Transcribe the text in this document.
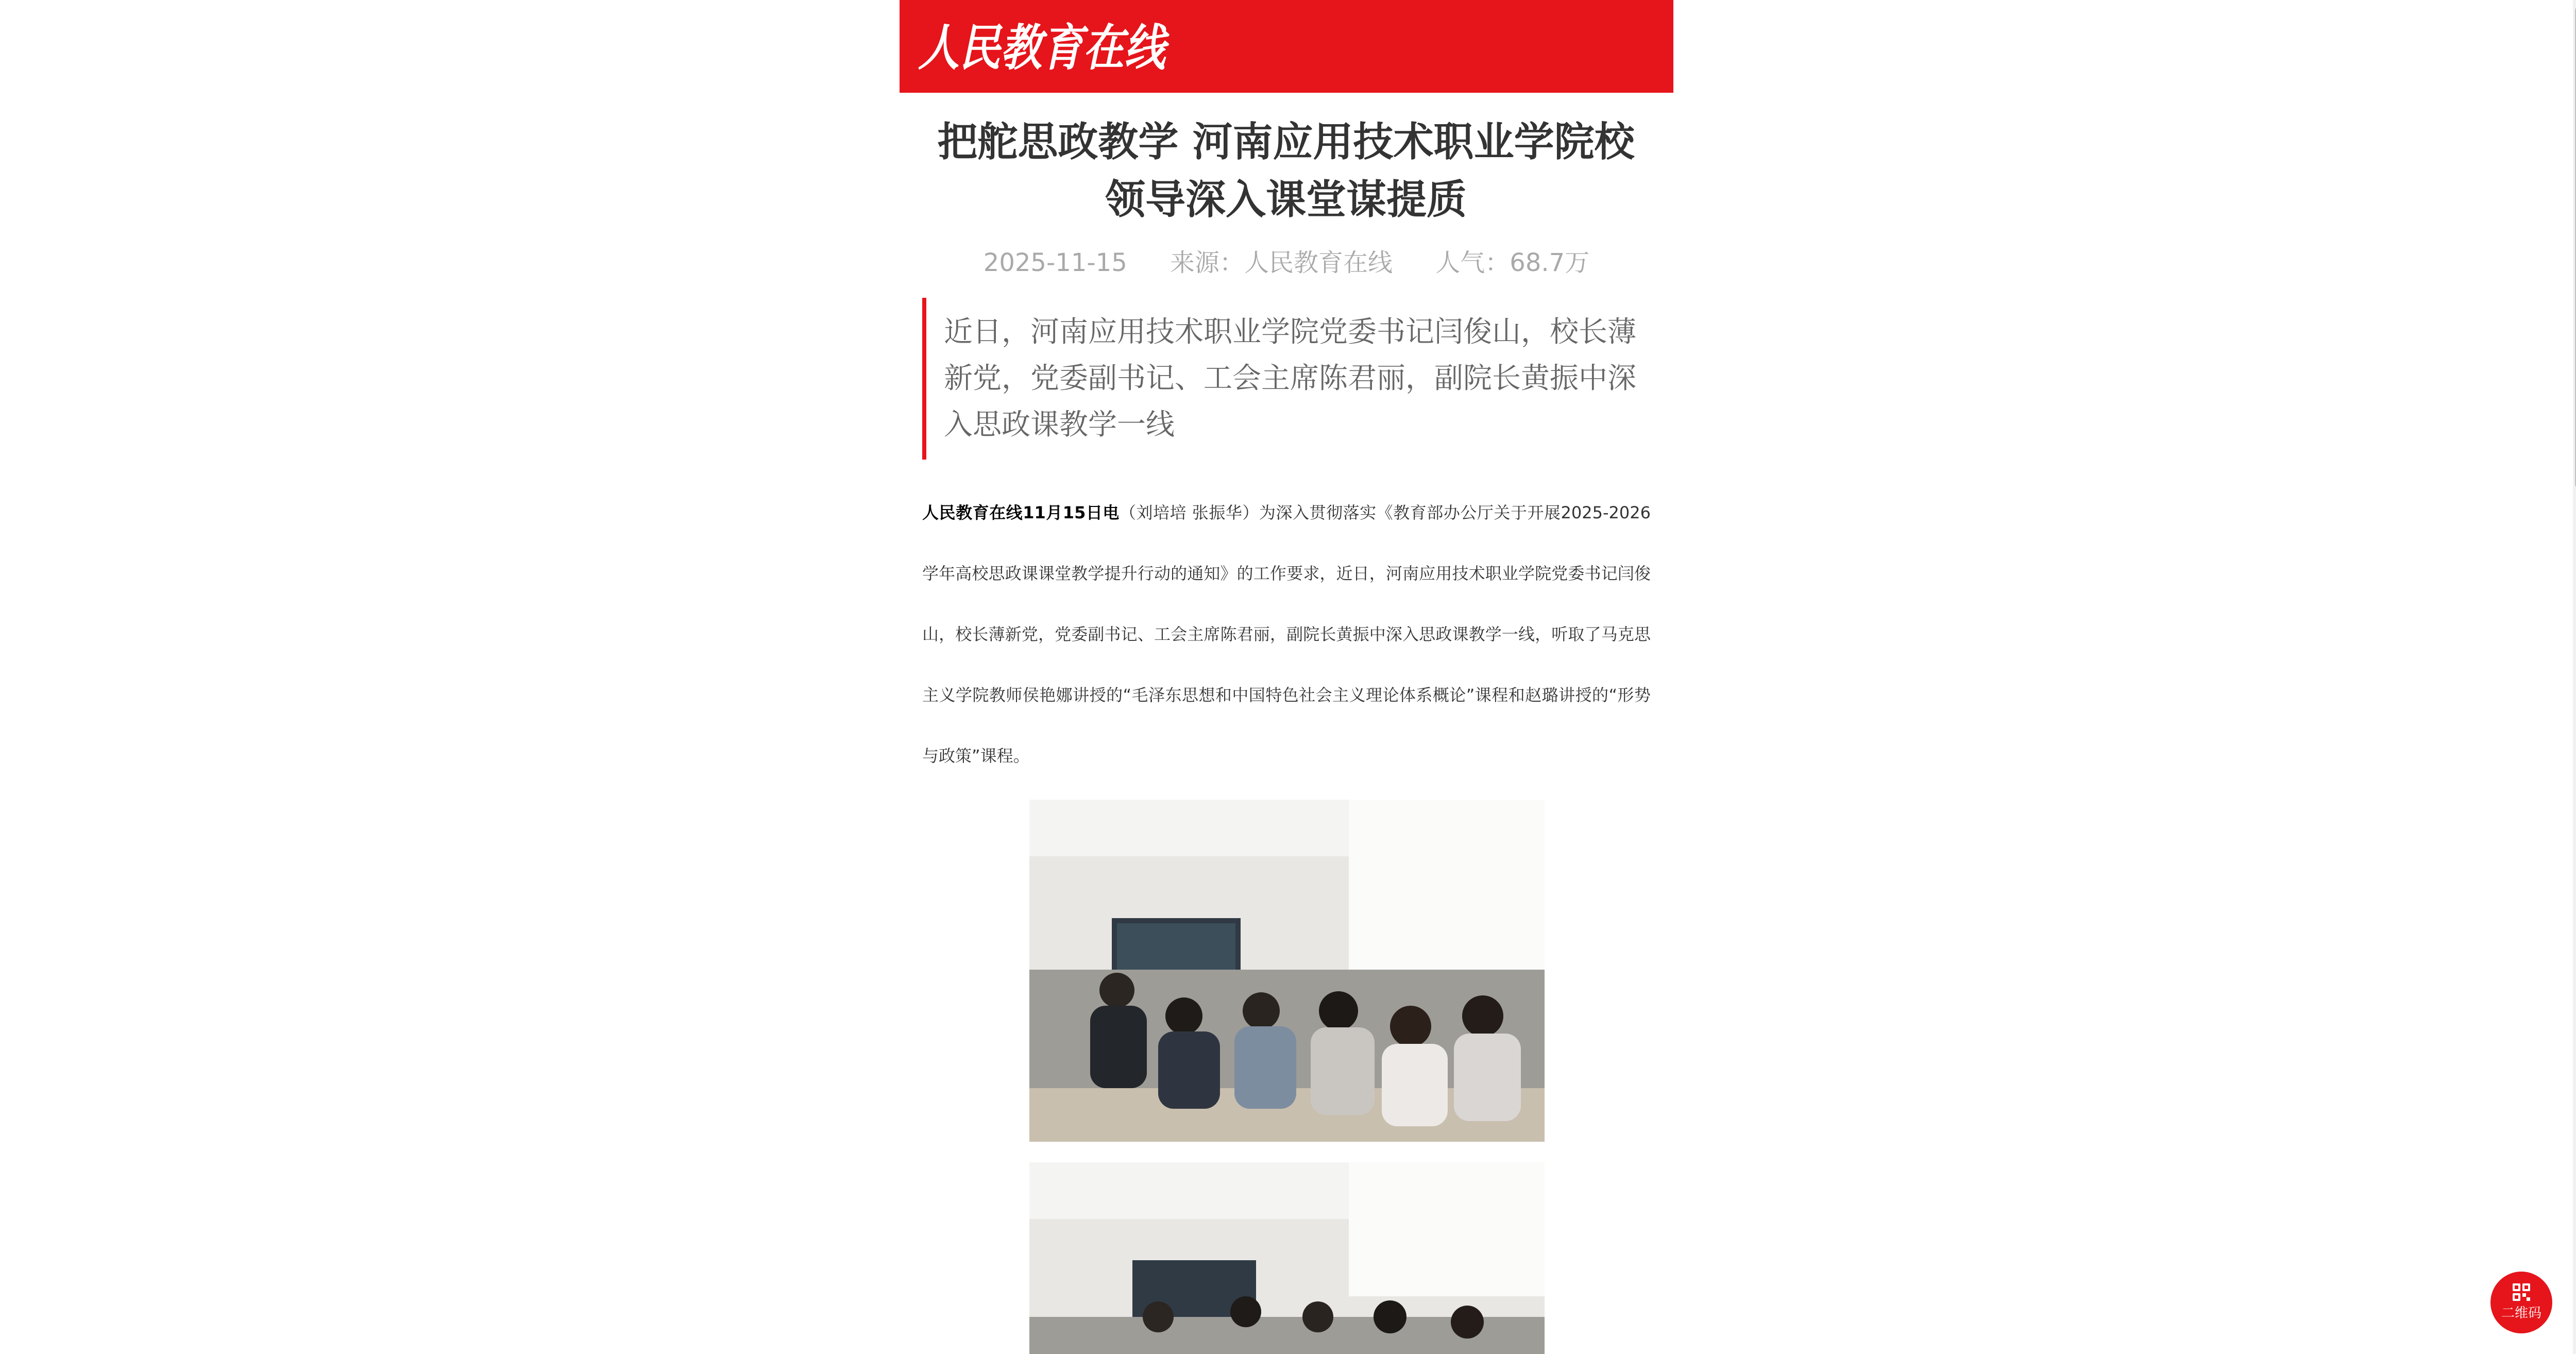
人民教育在线
把舵思政教学 河南应用技术职业学院校领导深入课堂谋提质
2025-11-15 来源：人民教育在线 人气：68.7万
近日，河南应用技术职业学院党委书记闫俊山，校长薄新党，党委副书记、工会主席陈君丽，副院长黄振中深入思政课教学一线

人民教育在线11月15日电（刘培培 张振华）为深入贯彻落实《教育部办公厅关于开展2025-2026学年高校思政课课堂教学提升行动的通知》的工作要求，近日，河南应用技术职业学院党委书记闫俊山，校长薄新党，党委副书记、工会主席陈君丽，副院长黄振中深入思政课教学一线，听取了马克思主义学院教师侯艳娜讲授的“毛泽东思想和中国特色社会主义理论体系概论”课程和赵璐讲授的“形势与政策”课程。

二维码
